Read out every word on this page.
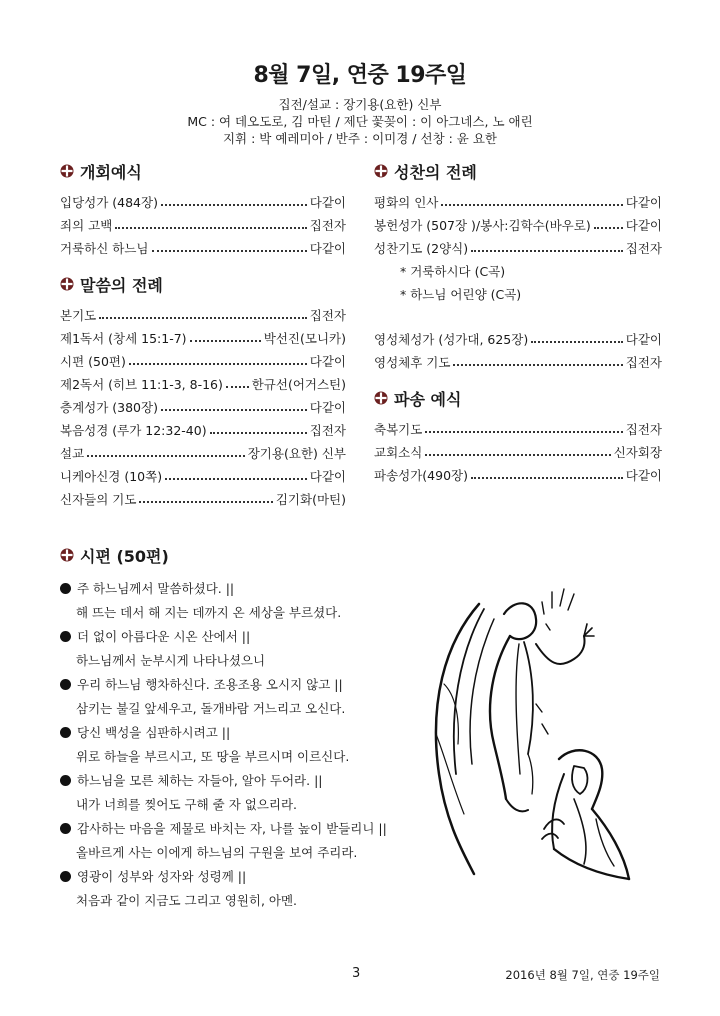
8월 7일, 연중 19주일
집전/설교 : 장기용(요한) 신부
MC : 여 데오도로, 김 마틴 / 제단 꽃꽂이 : 이 아그네스, 노 애린
지휘 : 박 예레미아 / 반주 : 이미경 / 선창 : 윤 요한
개회예식
입당성가 (484장)	다같이
죄의 고백	집전자
거룩하신 하느님	다같이
말씀의 전례
본기도	집전자
제1독서 (창세 15:1-7)	박선진(모니카)
시편 (50편)	다같이
제2독서 (히브 11:1-3, 8-16) 한규선(어거스틴)
층계성가 (380장)	다같이
복음성경 (루가 12:32-40)	집전자
설교	장기용(요한) 신부
니케아신경 (10쪽)	다같이
신자들의 기도	김기화(마틴)
성찬의 전례
평화의 인사	다같이
봉헌성가 (507장 )/봉사:김학수(바우로)	다같이
성찬기도 (2양식)	집전자
* 거룩하시다 (C곡)
* 하느님 어린양 (C곡)
영성체성가 (성가대, 625장)	다같이
영성체후 기도	집전자
파송 예식
축복기도	집전자
교회소식	신자회장
파송성가(490장)	다같이
시편 (50편)
주 하느님께서 말씀하셨다. ||
해 뜨는 데서 해 지는 데까지 온 세상을 부르셨다.
더 없이 아름다운 시온 산에서 ||
하느님께서 눈부시게 나타나셨으니
우리 하느님 행차하신다. 조용조용 오시지 않고 ||
삼키는 불길 앞세우고, 돌개바람 거느리고 오신다.
당신 백성을 심판하시려고 ||
위로 하늘을 부르시고, 또 땅을 부르시며 이르신다.
하느님을 모른 체하는 자들아, 알아 두어라. ||
내가 너희를 찢어도 구해 줄 자 없으리라.
감사하는 마음을 제물로 바치는 자, 나를 높이 받들리니 ||
올바르게 사는 이에게 하느님의 구원을 보여 주리라.
영광이 성부와 성자와 성령께 ||
처음과 같이 지금도 그리고 영원히, 아멘.
3	2016년 8월 7일, 연중 19주일
